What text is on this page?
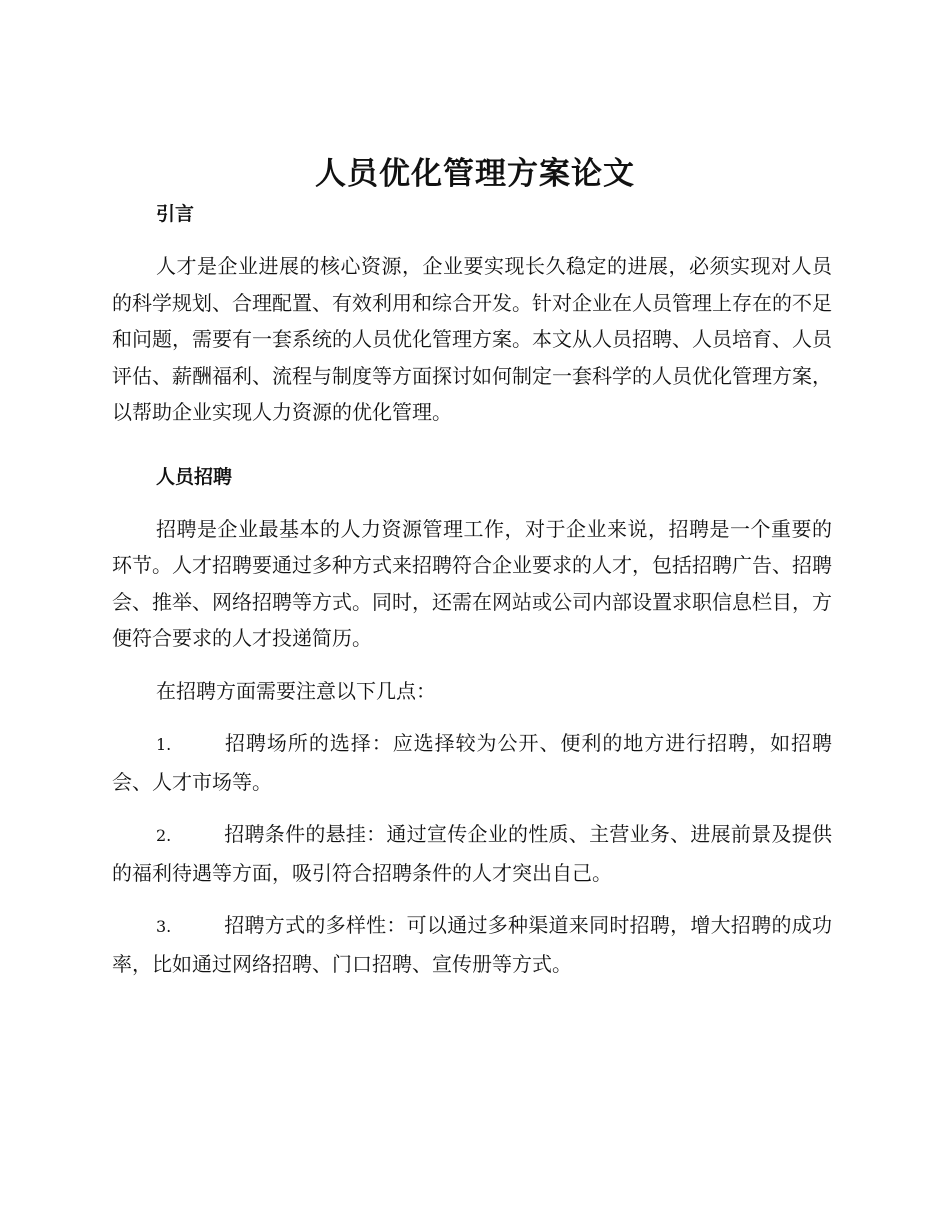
人员优化管理方案论文
引言

人才是企业进展的核心资源，企业要实现长久稳定的进展，必须实现对人员的科学规划、合理配置、有效利用和综合开发。针对企业在人员管理上存在的不足和问题，需要有一套系统的人员优化管理方案。本文从人员招聘、人员培育、人员评估、薪酬福利、流程与制度等方面探讨如何制定一套科学的人员优化管理方案，以帮助企业实现人力资源的优化管理。

人员招聘

招聘是企业最基本的人力资源管理工作，对于企业来说，招聘是一个重要的环节。人才招聘要通过多种方式来招聘符合企业要求的人才，包括招聘广告、招聘会、推举、网络招聘等方式。同时，还需在网站或公司内部设置求职信息栏目，方便符合要求的人才投递简历。

在招聘方面需要注意以下几点：

1.	招聘场所的选择：应选择较为公开、便利的地方进行招聘，如招聘会、人才市场等。
2.	招聘条件的悬挂：通过宣传企业的性质、主营业务、进展前景及提供的福利待遇等方面，吸引符合招聘条件的人才突出自己。
3.	招聘方式的多样性：可以通过多种渠道来同时招聘，增大招聘的成功率，比如通过网络招聘、门口招聘、宣传册等方式。
